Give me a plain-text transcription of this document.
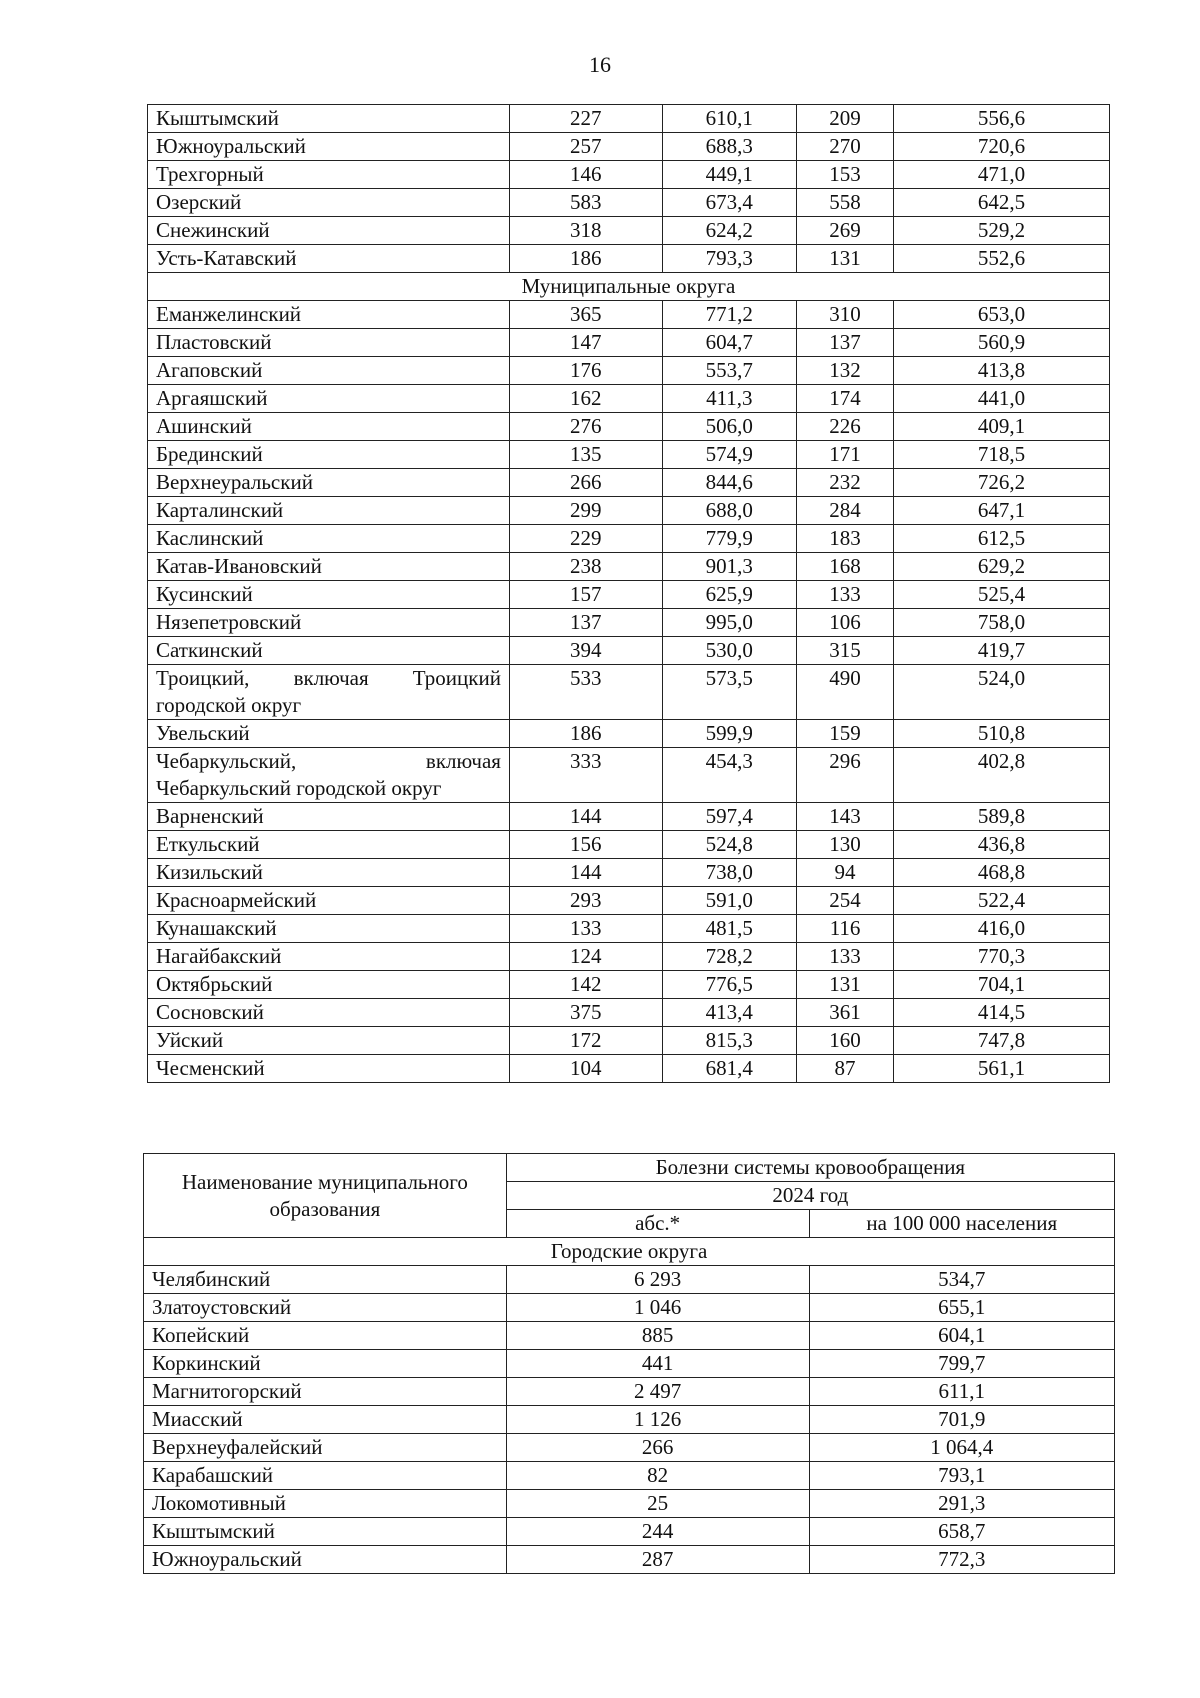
16
Кыштымский	227	610,1	209	556,6
Южноуральский	257	688,3	270	720,6
Трехгорный	146	449,1	153	471,0
Озерский	583	673,4	558	642,5
Снежинский	318	624,2	269	529,2
Усть-Катавский	186	793,3	131	552,6
Муниципальные округа				
Еманжелинский	365	771,2	310	653,0
Пластовский	147	604,7	137	560,9
Агаповский	176	553,7	132	413,8
Аргаяшский	162	411,3	174	441,0
Ашинский	276	506,0	226	409,1
Брединский	135	574,9	171	718,5
Верхнеуральский	266	844,6	232	726,2
Карталинский	299	688,0	284	647,1
Каслинский	229	779,9	183	612,5
Катав-Ивановский	238	901,3	168	629,2
Кусинский	157	625,9	133	525,4
Нязепетровский	137	995,0	106	758,0
Саткинский	394	530,0	315	419,7

Троицкий, включая Троицкий
городской округ	533	573,5	490	524,0
Увельский	186	599,9	159	510,8

Чебаркульский, включая
Чебаркульский городской округ	333	454,3	296	402,8
Варненский	144	597,4	143	589,8
Еткульский	156	524,8	130	436,8
Кизильский	144	738,0	94	468,8
Красноармейский	293	591,0	254	522,4
Кунашакский	133	481,5	116	416,0
Нагайбакский	124	728,2	133	770,3
Октябрьский	142	776,5	131	704,1
Сосновский	375	413,4	361	414,5
Уйский	172	815,3	160	747,8
Чесменский	104	681,4	87	561,1
Наименование муниципального образования	Болезни системы кровообращения	
	2024 год	
	абс.*	на 100 000 населения
Городские округа		
Челябинский	6 293	534,7
Златоустовский	1 046	655,1
Копейский	885	604,1
Коркинский	441	799,7
Магнитогорский	2 497	611,1
Миасский	1 126	701,9
Верхнеуфалейский	266	1 064,4
Карабашский	82	793,1
Локомотивный	25	291,3
Кыштымский	244	658,7
Южноуральский	287	772,3
